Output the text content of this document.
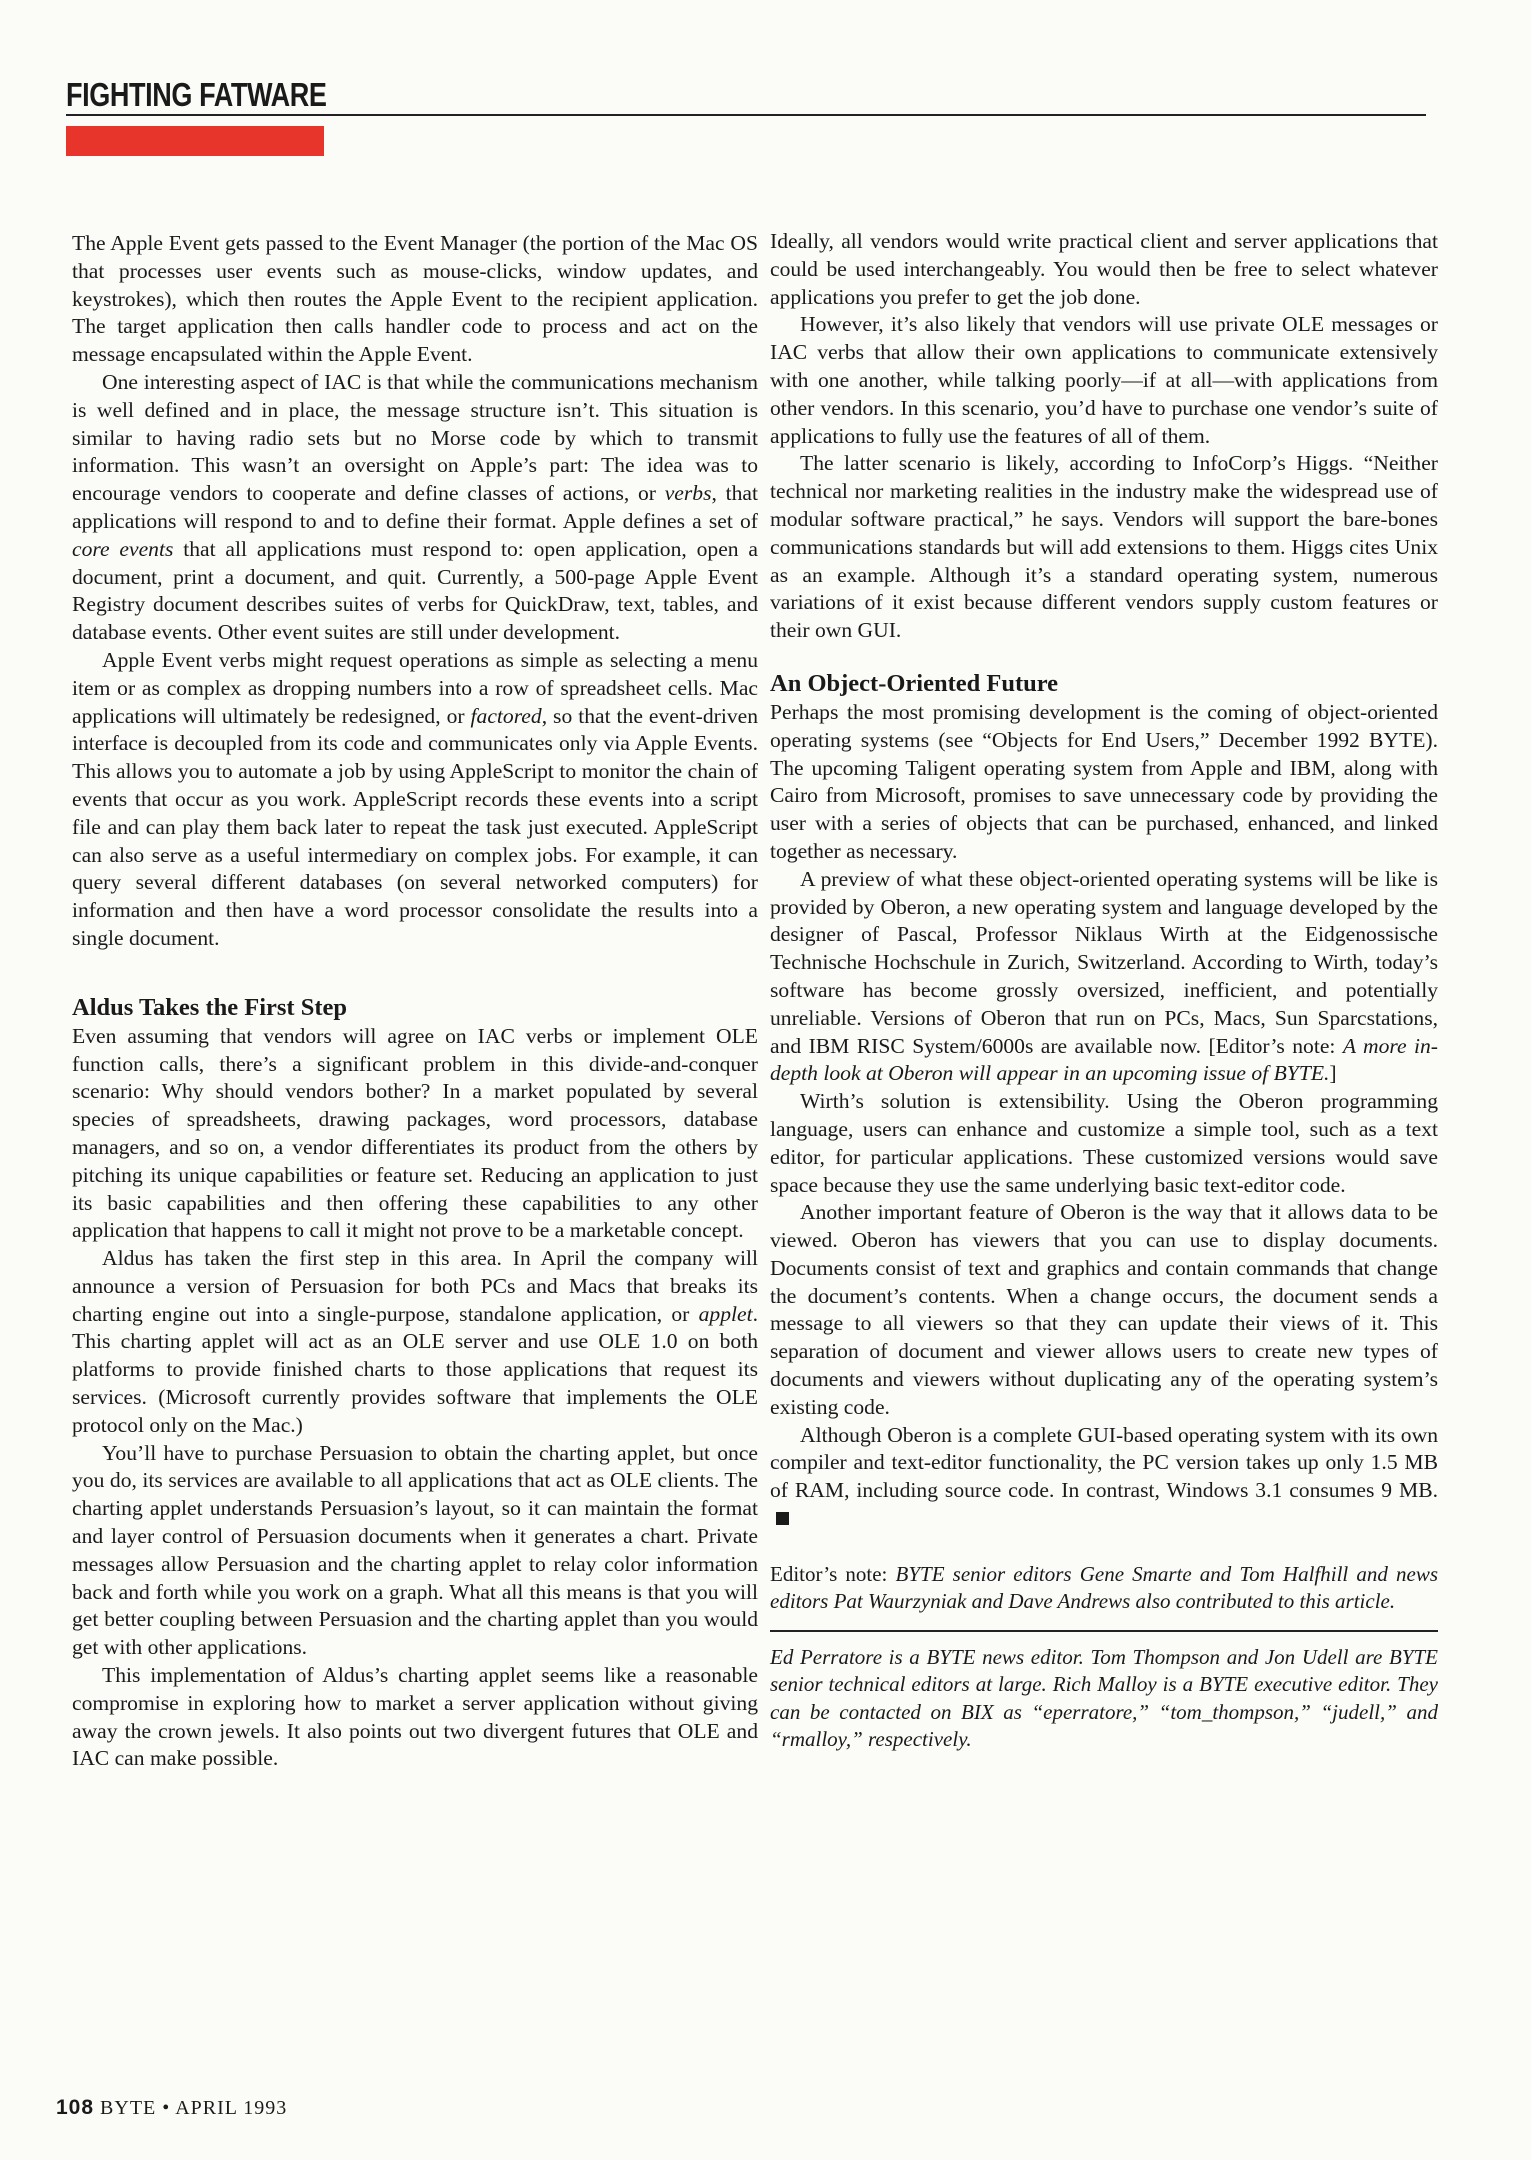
FIGHTING FATWARE

The Apple Event gets passed to the Event Manager (the portion of the Mac OS that processes user events such as mouse-clicks, window updates, and keystrokes), which then routes the Apple Event to the recipient application. The target application then calls handler code to process and act on the message encapsulated within the Apple Event.

One interesting aspect of IAC is that while the communications mechanism is well defined and in place, the message structure isn’t. This situation is similar to having radio sets but no Morse code by which to transmit information. This wasn’t an oversight on Apple’s part: The idea was to encourage vendors to cooperate and define classes of actions, or verbs, that applications will respond to and to define their format. Apple defines a set of core events that all applications must respond to: open application, open a document, print a document, and quit. Currently, a 500-page Apple Event Registry document describes suites of verbs for QuickDraw, text, tables, and database events. Other event suites are still under development.

Apple Event verbs might request operations as simple as selecting a menu item or as complex as dropping numbers into a row of spreadsheet cells. Mac applications will ultimately be redesigned, or factored, so that the event-driven interface is decoupled from its code and communicates only via Apple Events. This allows you to automate a job by using AppleScript to monitor the chain of events that occur as you work. AppleScript records these events into a script file and can play them back later to repeat the task just executed. AppleScript can also serve as a useful intermediary on complex jobs. For example, it can query several different databases (on several networked computers) for information and then have a word processor consolidate the results into a single document.

Aldus Takes the First Step

Even assuming that vendors will agree on IAC verbs or implement OLE function calls, there’s a significant problem in this divide-and-conquer scenario: Why should vendors bother? In a market populated by several species of spreadsheets, drawing packages, word processors, database managers, and so on, a vendor differentiates its product from the others by pitching its unique capabilities or feature set. Reducing an application to just its basic capabilities and then offering these capabilities to any other application that happens to call it might not prove to be a marketable concept.

Aldus has taken the first step in this area. In April the company will announce a version of Persuasion for both PCs and Macs that breaks its charting engine out into a single-purpose, standalone application, or applet. This charting applet will act as an OLE server and use OLE 1.0 on both platforms to provide finished charts to those applications that request its services. (Microsoft currently provides software that implements the OLE protocol only on the Mac.)

You’ll have to purchase Persuasion to obtain the charting applet, but once you do, its services are available to all applications that act as OLE clients. The charting applet understands Persuasion’s layout, so it can maintain the format and layer control of Persuasion documents when it generates a chart. Private messages allow Persuasion and the charting applet to relay color information back and forth while you work on a graph. What all this means is that you will get better coupling between Persuasion and the charting applet than you would get with other applications.

This implementation of Aldus’s charting applet seems like a reasonable compromise in exploring how to market a server application without giving away the crown jewels. It also points out two divergent futures that OLE and IAC can make possible.

Ideally, all vendors would write practical client and server applications that could be used interchangeably. You would then be free to select whatever applications you prefer to get the job done.

However, it’s also likely that vendors will use private OLE messages or IAC verbs that allow their own applications to communicate extensively with one another, while talking poorly—if at all—with applications from other vendors. In this scenario, you’d have to purchase one vendor’s suite of applications to fully use the features of all of them.

The latter scenario is likely, according to InfoCorp’s Higgs. “Neither technical nor marketing realities in the industry make the widespread use of modular software practical,” he says. Vendors will support the bare-bones communications standards but will add extensions to them. Higgs cites Unix as an example. Although it’s a standard operating system, numerous variations of it exist because different vendors supply custom features or their own GUI.

An Object-Oriented Future

Perhaps the most promising development is the coming of object-oriented operating systems (see “Objects for End Users,” December 1992 BYTE). The upcoming Taligent operating system from Apple and IBM, along with Cairo from Microsoft, promises to save unnecessary code by providing the user with a series of objects that can be purchased, enhanced, and linked together as necessary.

A preview of what these object-oriented operating systems will be like is provided by Oberon, a new operating system and language developed by the designer of Pascal, Professor Niklaus Wirth at the Eidgenossische Technische Hochschule in Zurich, Switzerland. According to Wirth, today’s software has become grossly oversized, inefficient, and potentially unreliable. Versions of Oberon that run on PCs, Macs, Sun Sparcstations, and IBM RISC System/6000s are available now. [Editor’s note: A more in-depth look at Oberon will appear in an upcoming issue of BYTE.]

Wirth’s solution is extensibility. Using the Oberon programming language, users can enhance and customize a simple tool, such as a text editor, for particular applications. These customized versions would save space because they use the same underlying basic text-editor code.

Another important feature of Oberon is the way that it allows data to be viewed. Oberon has viewers that you can use to display documents. Documents consist of text and graphics and contain commands that change the document’s contents. When a change occurs, the document sends a message to all viewers so that they can update their views of it. This separation of document and viewer allows users to create new types of documents and viewers without duplicating any of the operating system’s existing code.

Although Oberon is a complete GUI-based operating system with its own compiler and text-editor functionality, the PC version takes up only 1.5 MB of RAM, including source code. In contrast, Windows 3.1 consumes 9 MB.

Editor’s note: BYTE senior editors Gene Smarte and Tom Halfhill and news editors Pat Waurzyniak and Dave Andrews also contributed to this article.
Ed Perratore is a BYTE news editor. Tom Thompson and Jon Udell are BYTE senior technical editors at large. Rich Malloy is a BYTE executive editor. They can be contacted on BIX as “eperratore,” “tom_thompson,” “judell,” and “rmalloy,” respectively.
108 BYTE • APRIL 1993
